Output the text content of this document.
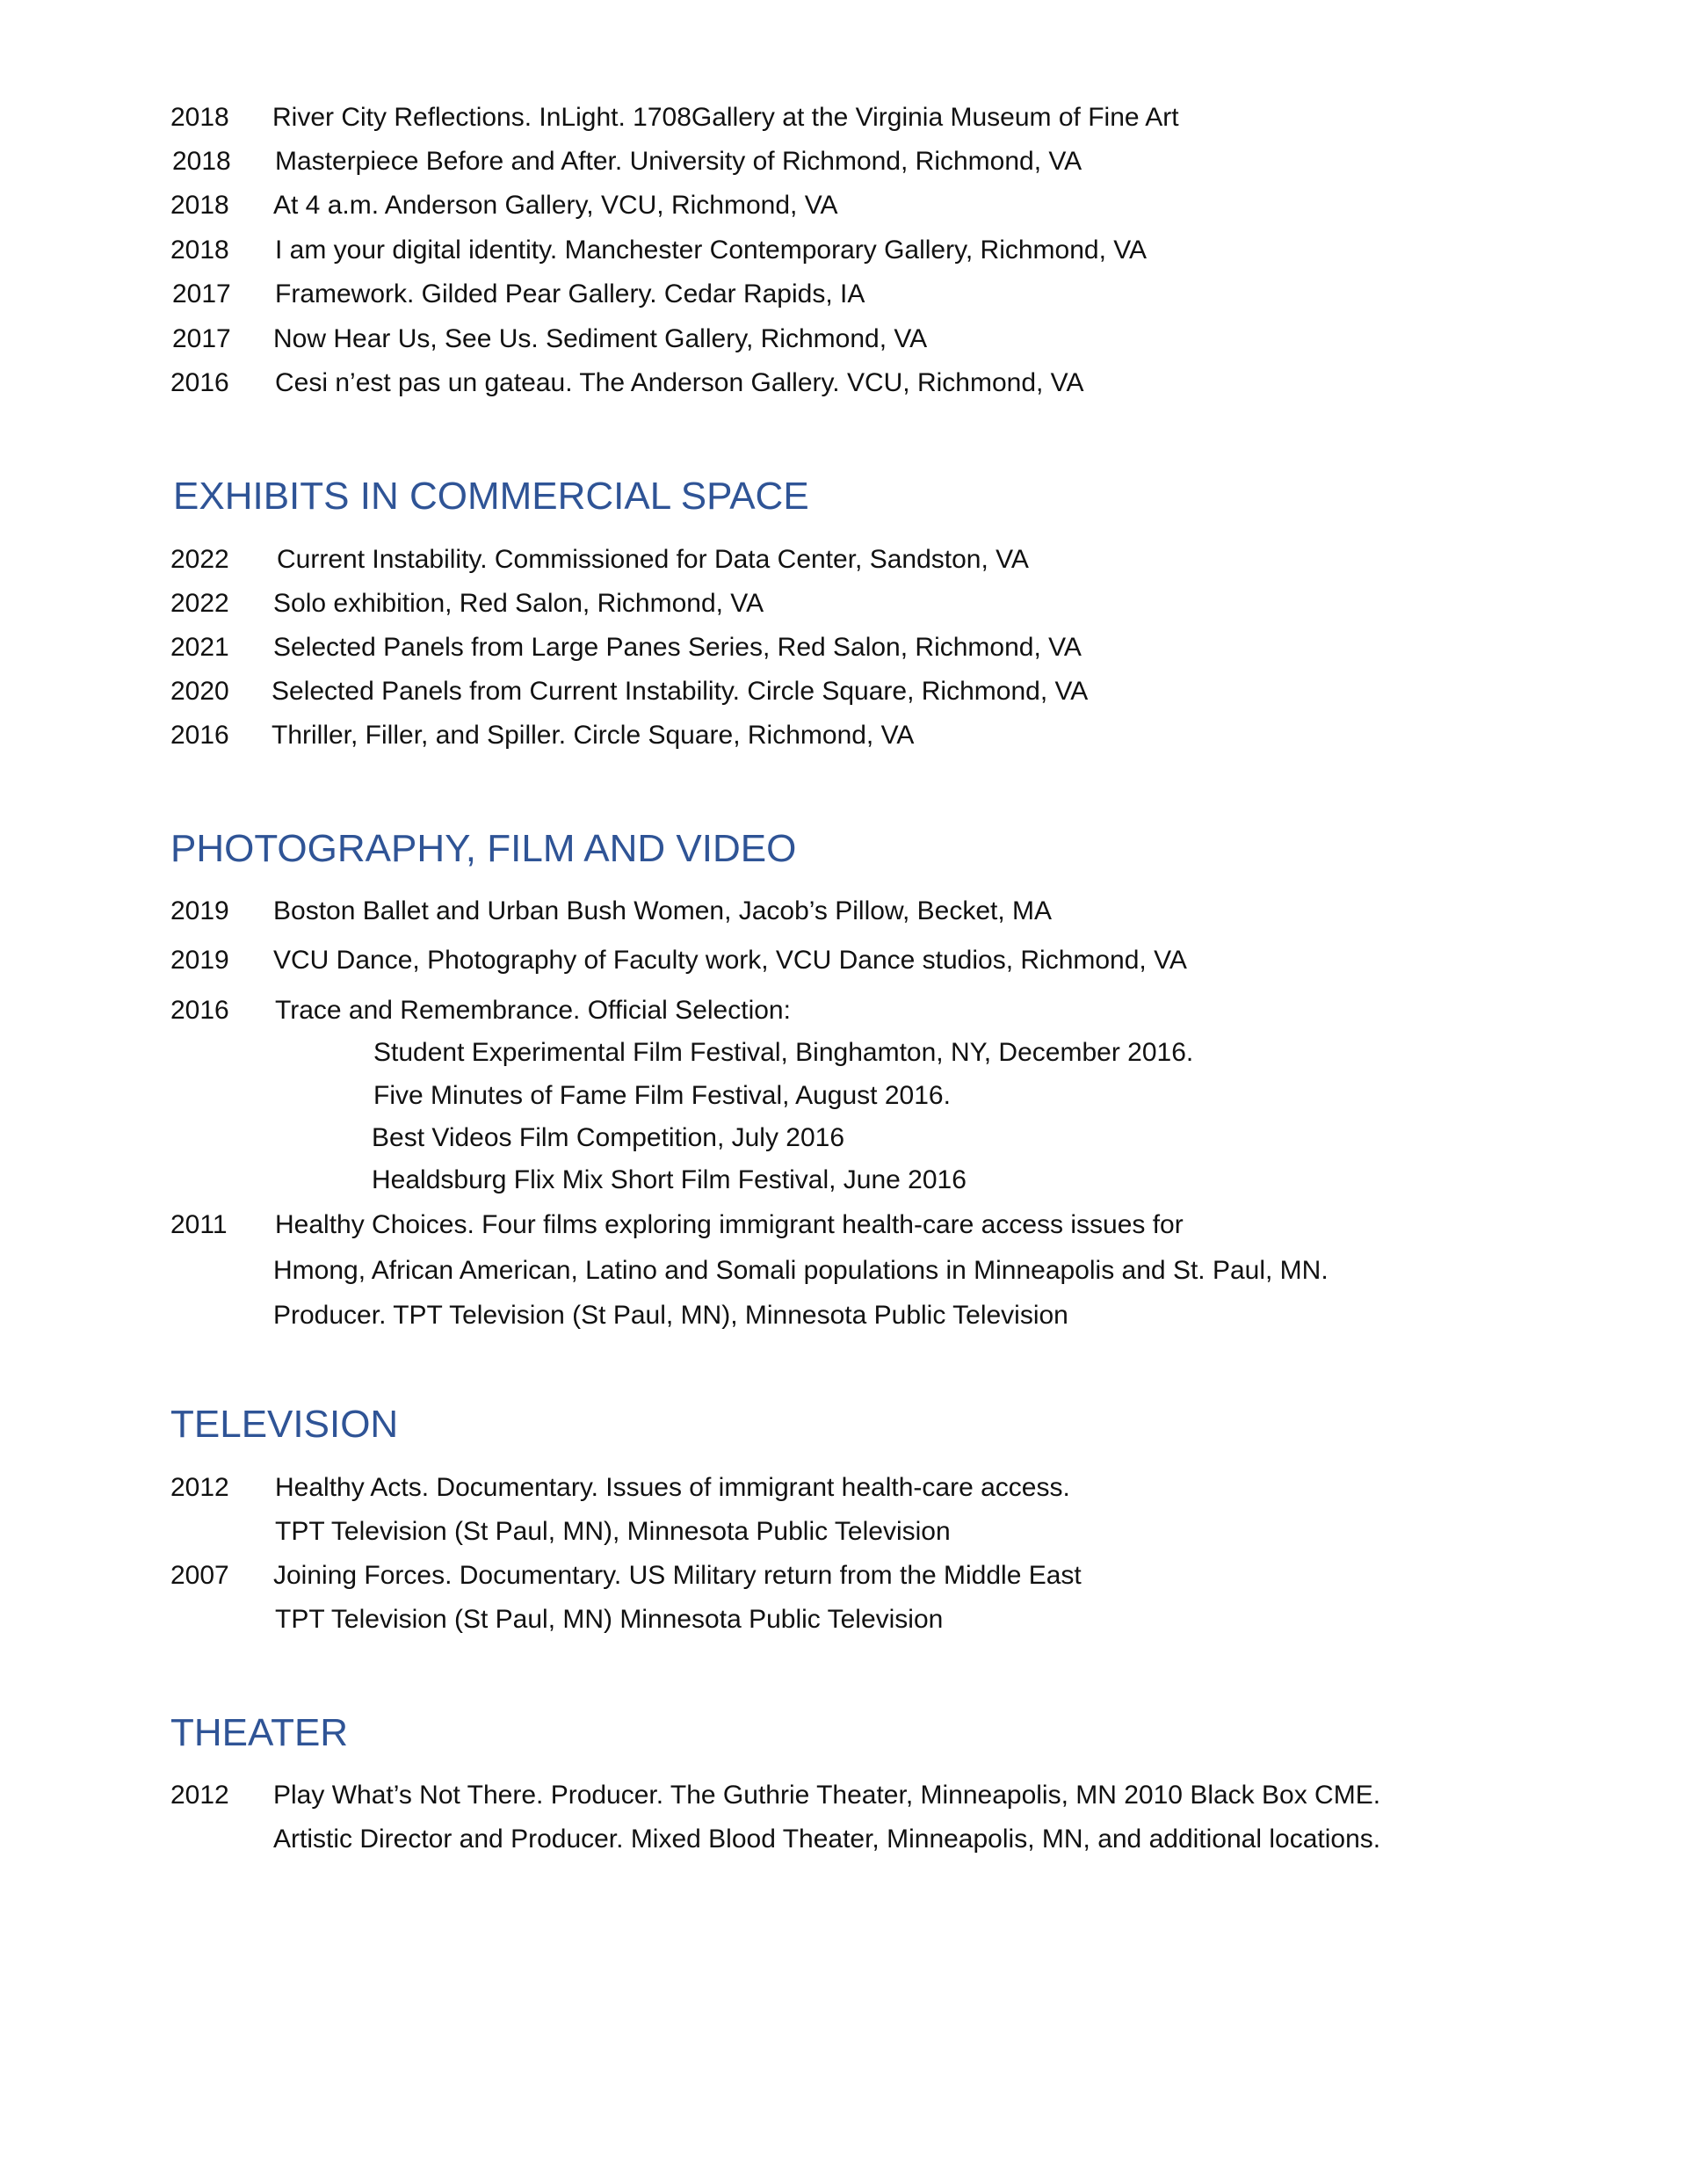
2018 River City Reflections. InLight. 1708Gallery at the Virginia Museum of Fine Art
2018 Masterpiece Before and After. University of Richmond, Richmond, VA
2018 At 4 a.m. Anderson Gallery, VCU, Richmond, VA
2018 I am your digital identity. Manchester Contemporary Gallery, Richmond, VA
2017 Framework. Gilded Pear Gallery. Cedar Rapids, IA
2017 Now Hear Us, See Us. Sediment Gallery, Richmond, VA
2016 Cesi n’est pas un gateau. The Anderson Gallery. VCU, Richmond, VA
EXHIBITS IN COMMERCIAL SPACE
2022 Current Instability. Commissioned for Data Center, Sandston, VA
2022 Solo exhibition, Red Salon, Richmond, VA
2021 Selected Panels from Large Panes Series, Red Salon, Richmond, VA
2020 Selected Panels from Current Instability. Circle Square, Richmond, VA
2016 Thriller, Filler, and Spiller. Circle Square, Richmond, VA
PHOTOGRAPHY, FILM AND VIDEO
2019 Boston Ballet and Urban Bush Women, Jacob’s Pillow, Becket, MA
2019 VCU Dance, Photography of Faculty work, VCU Dance studios, Richmond, VA
2016 Trace and Remembrance. Official Selection:
Student Experimental Film Festival, Binghamton, NY, December 2016.
Five Minutes of Fame Film Festival, August 2016.
Best Videos Film Competition, July 2016
Healdsburg Flix Mix Short Film Festival, June 2016
2011 Healthy Choices. Four films exploring immigrant health-care access issues for
Hmong, African American, Latino and Somali populations in Minneapolis and St. Paul, MN.
Producer. TPT Television (St Paul, MN), Minnesota Public Television
TELEVISION
2012 Healthy Acts. Documentary. Issues of immigrant health-care access.
TPT Television (St Paul, MN), Minnesota Public Television
2007 Joining Forces. Documentary. US Military return from the Middle East
TPT Television (St Paul, MN) Minnesota Public Television
THEATER
2012 Play What’s Not There. Producer. The Guthrie Theater, Minneapolis, MN 2010 Black Box CME.
Artistic Director and Producer. Mixed Blood Theater, Minneapolis, MN, and additional locations.
